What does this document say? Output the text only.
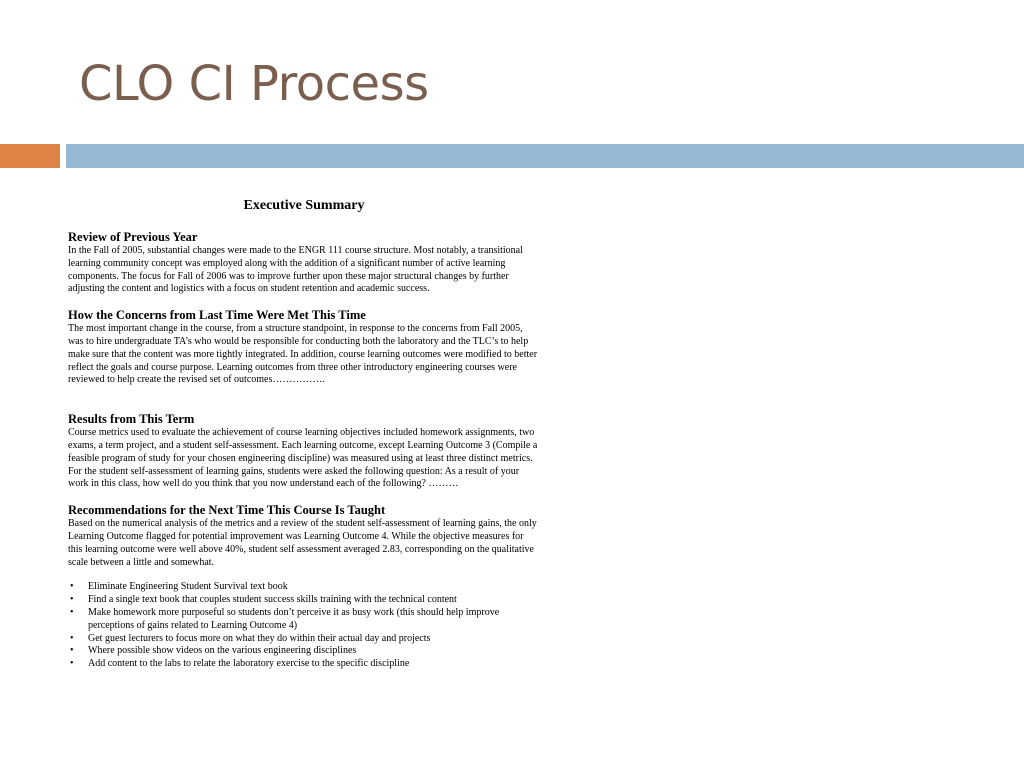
CLO CI Process
Executive Summary
Review of Previous Year
In the Fall of 2005, substantial changes were made to the ENGR 111 course structure. Most notably, a transitional learning community concept was employed along with the addition of a significant number of active learning components. The focus for Fall of 2006 was to improve further upon these major structural changes by further adjusting the content and logistics with a focus on student retention and academic success.
How the Concerns from Last Time Were Met This Time
The most important change in the course, from a structure standpoint, in response to the concerns from Fall 2005, was to hire undergraduate TA’s who would be responsible for conducting both the laboratory and the TLC’s to help make sure that the content was more tightly integrated. In addition, course learning outcomes were modified to better reflect the goals and course purpose. Learning outcomes from three other introductory engineering courses were reviewed to help create the revised set of outcomes…………….
Results from This Term
Course metrics used to evaluate the achievement of course learning objectives included homework assignments, two exams, a term project, and a student self-assessment. Each learning outcome, except Learning Outcome 3 (Compile a feasible program of study for your chosen engineering discipline) was measured using at least three distinct metrics. For the student self-assessment of learning gains, students were asked the following question: As a result of your work in this class, how well do you think that you now understand each of the following? ………
Recommendations for the Next Time This Course Is Taught
Based on the numerical analysis of the metrics and a review of the student self-assessment of learning gains, the only Learning Outcome flagged for potential improvement was Learning Outcome 4. While the objective measures for this learning outcome were well above 40%, student self assessment averaged 2.83, corresponding on the qualitative scale between a little and somewhat.
• Eliminate Engineering Student Survival text book
• Find a single text book that couples student success skills training with the technical content
• Make homework more purposeful so students don’t perceive it as busy work (this should help improve perceptions of gains related to Learning Outcome 4)
• Get guest lecturers to focus more on what they do within their actual day and projects
• Where possible show videos on the various engineering disciplines
• Add content to the labs to relate the laboratory exercise to the specific discipline
